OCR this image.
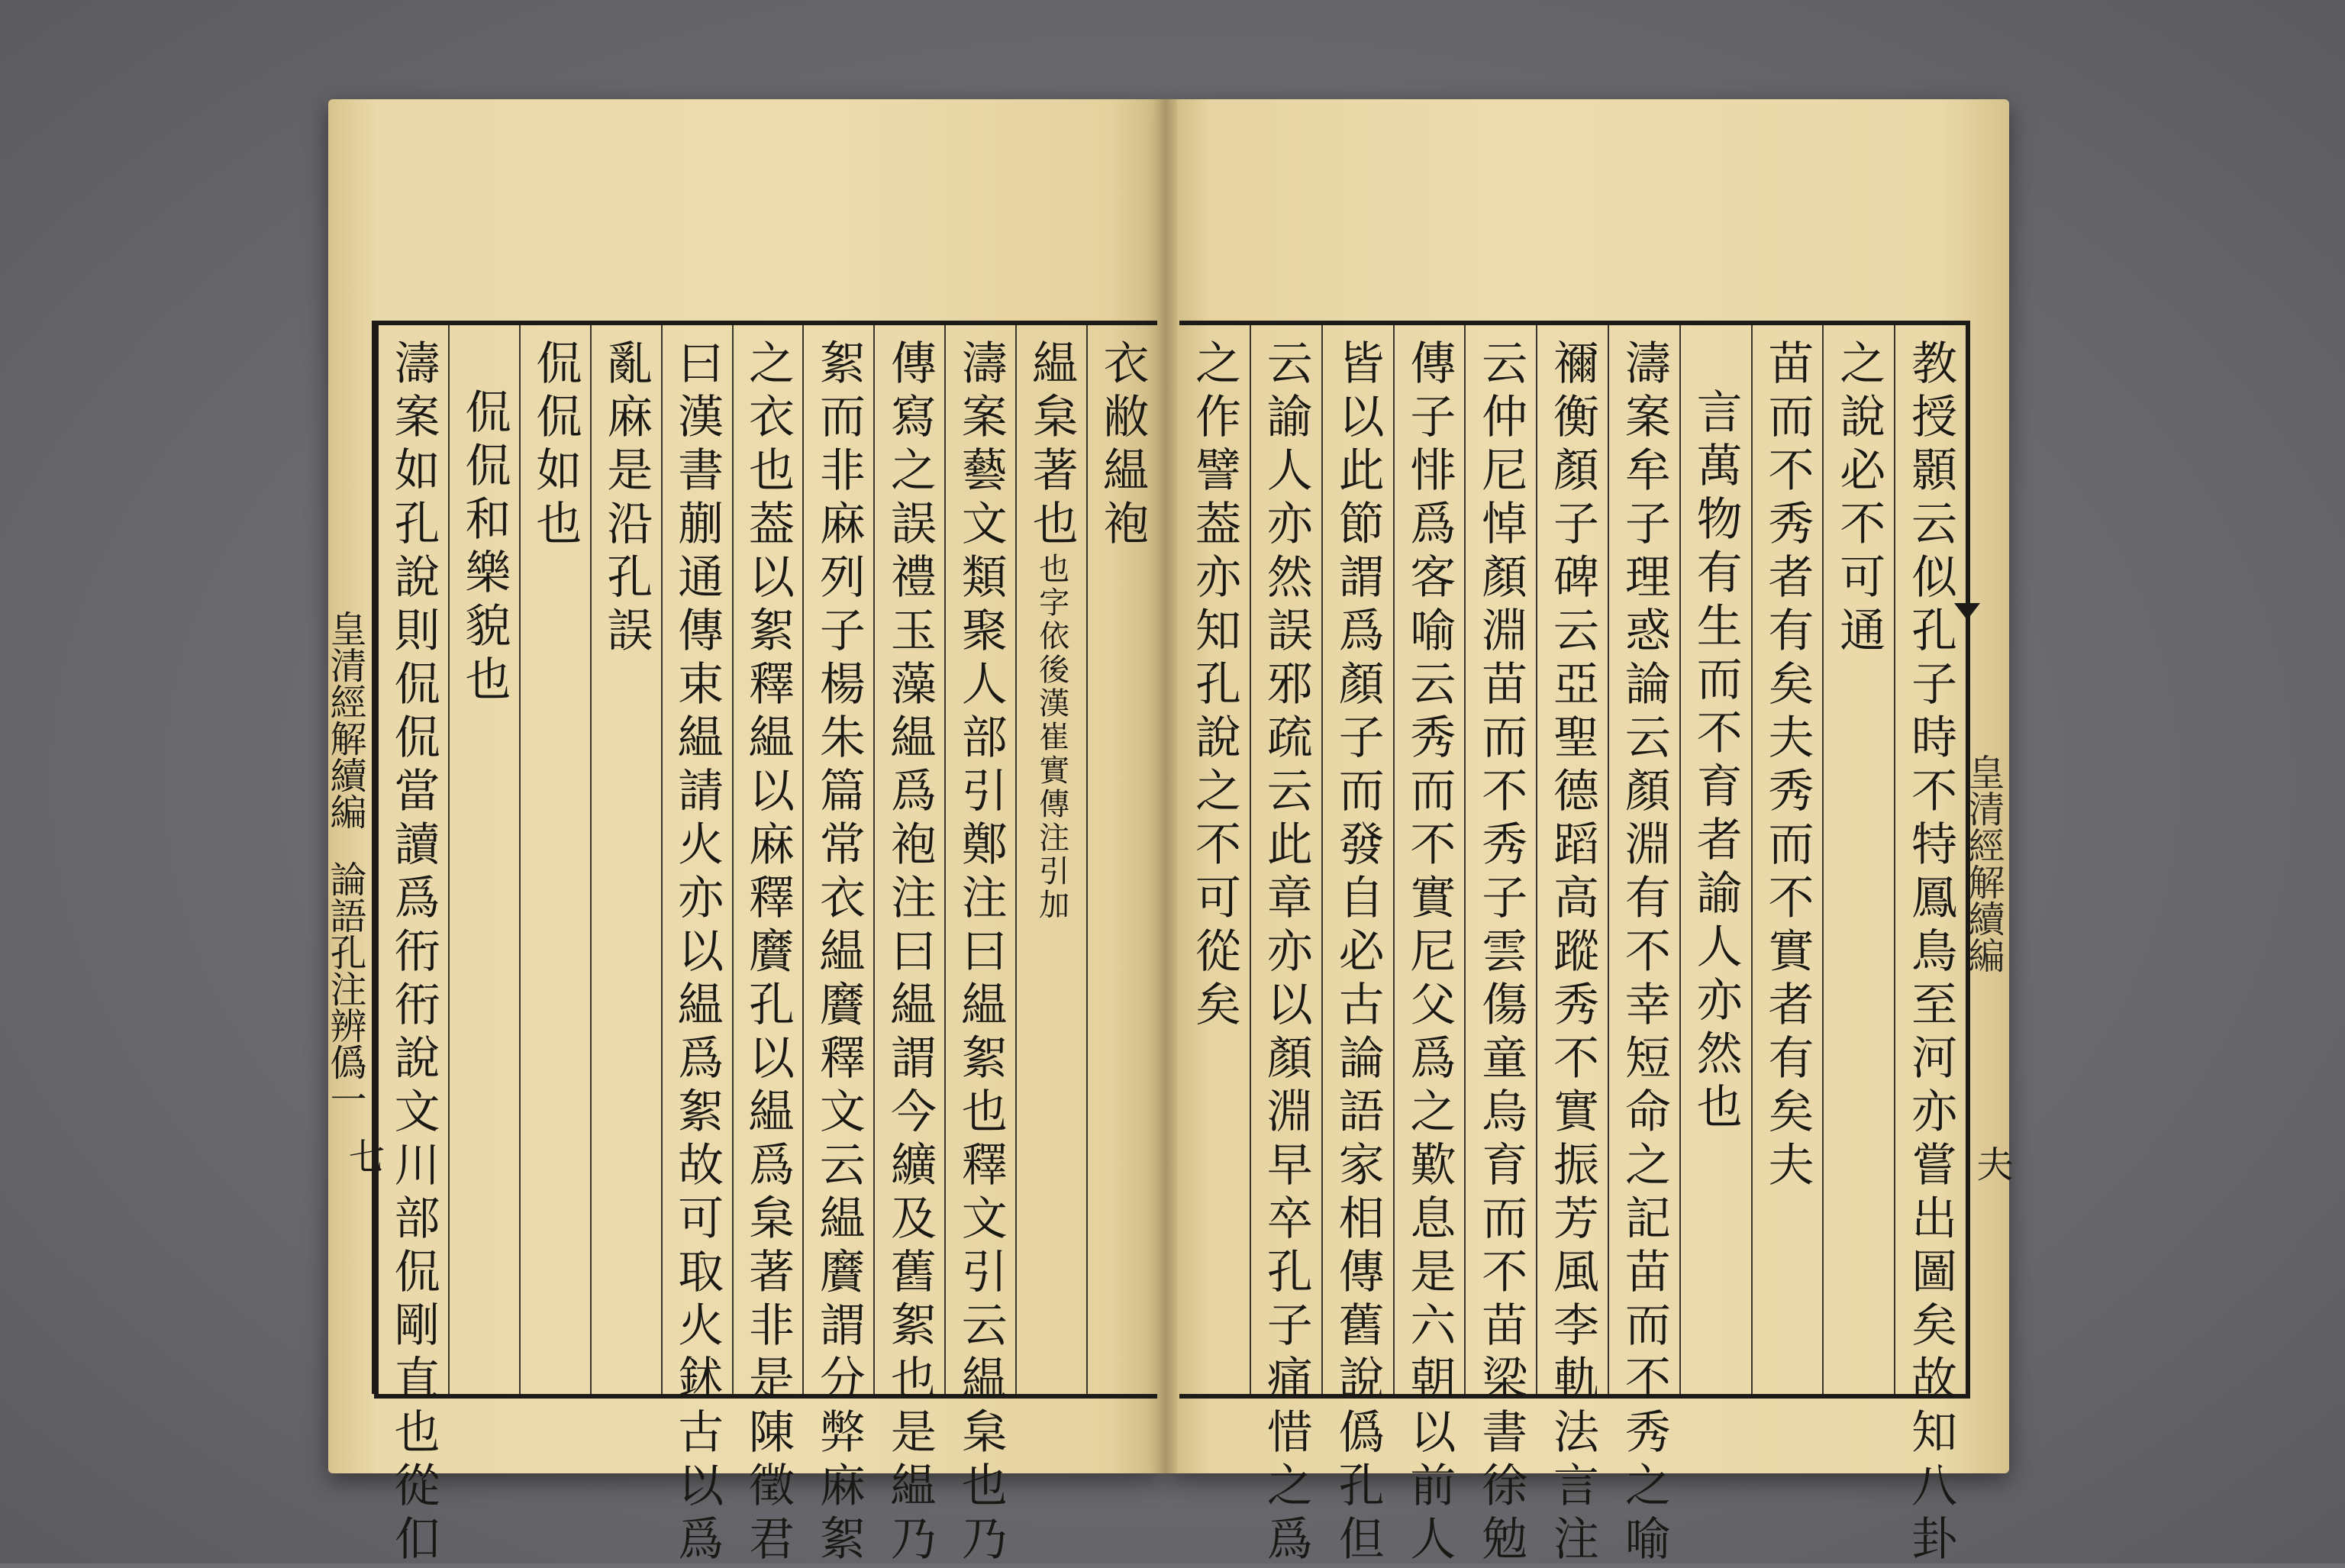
皇清經解續編
論語孔注辨僞一
七
衣敝緼袍
緼枲著也
也字依後漢崔實傳注引加
濤案藝文類聚人部引鄭注曰緼絮也釋文引云緼枲也乃
傳寫之誤禮玉藻緼爲袍注曰緼謂今纊及舊絮也是緼乃
絮而非麻列子楊朱篇常衣緼黂釋文云緼黂謂分弊麻絮
之衣也葢以絮釋緼以麻釋黂孔以緼爲枲著非是陳徵君
曰漢書蒯通傳束緼請火亦以緼爲絮故可取火鉥古以爲
亂麻是沿孔誤
侃侃如也
侃侃和樂貌也
濤案如孔說則侃侃當讀爲衎衎說文川部侃剛直也從㐰	教授顥云似孔子時不特鳳鳥至河亦嘗出圖矣故知八卦
之說必不可通
苗而不秀者有矣夫秀而不實者有矣夫
言萬物有生而不育者諭人亦然也
濤案牟子理惑論云顏淵有不幸短命之記苗而不秀之喻
禰衡顏子碑云亞聖德蹈高蹤秀不實振芳風李軌法言注
云仲尼悼顏淵苗而不秀子雲傷童烏育而不苗梁書徐勉
傳子悱爲客喻云秀而不實尼父爲之歎息是六朝以前人
皆以此節謂爲顏子而發自必古論語家相傳舊說僞孔但
云諭人亦然誤邪疏云此章亦以顏淵早卒孔子痛惜之爲
之作譬葢亦知孔說之不可從矣	皇清經解續編
夫
